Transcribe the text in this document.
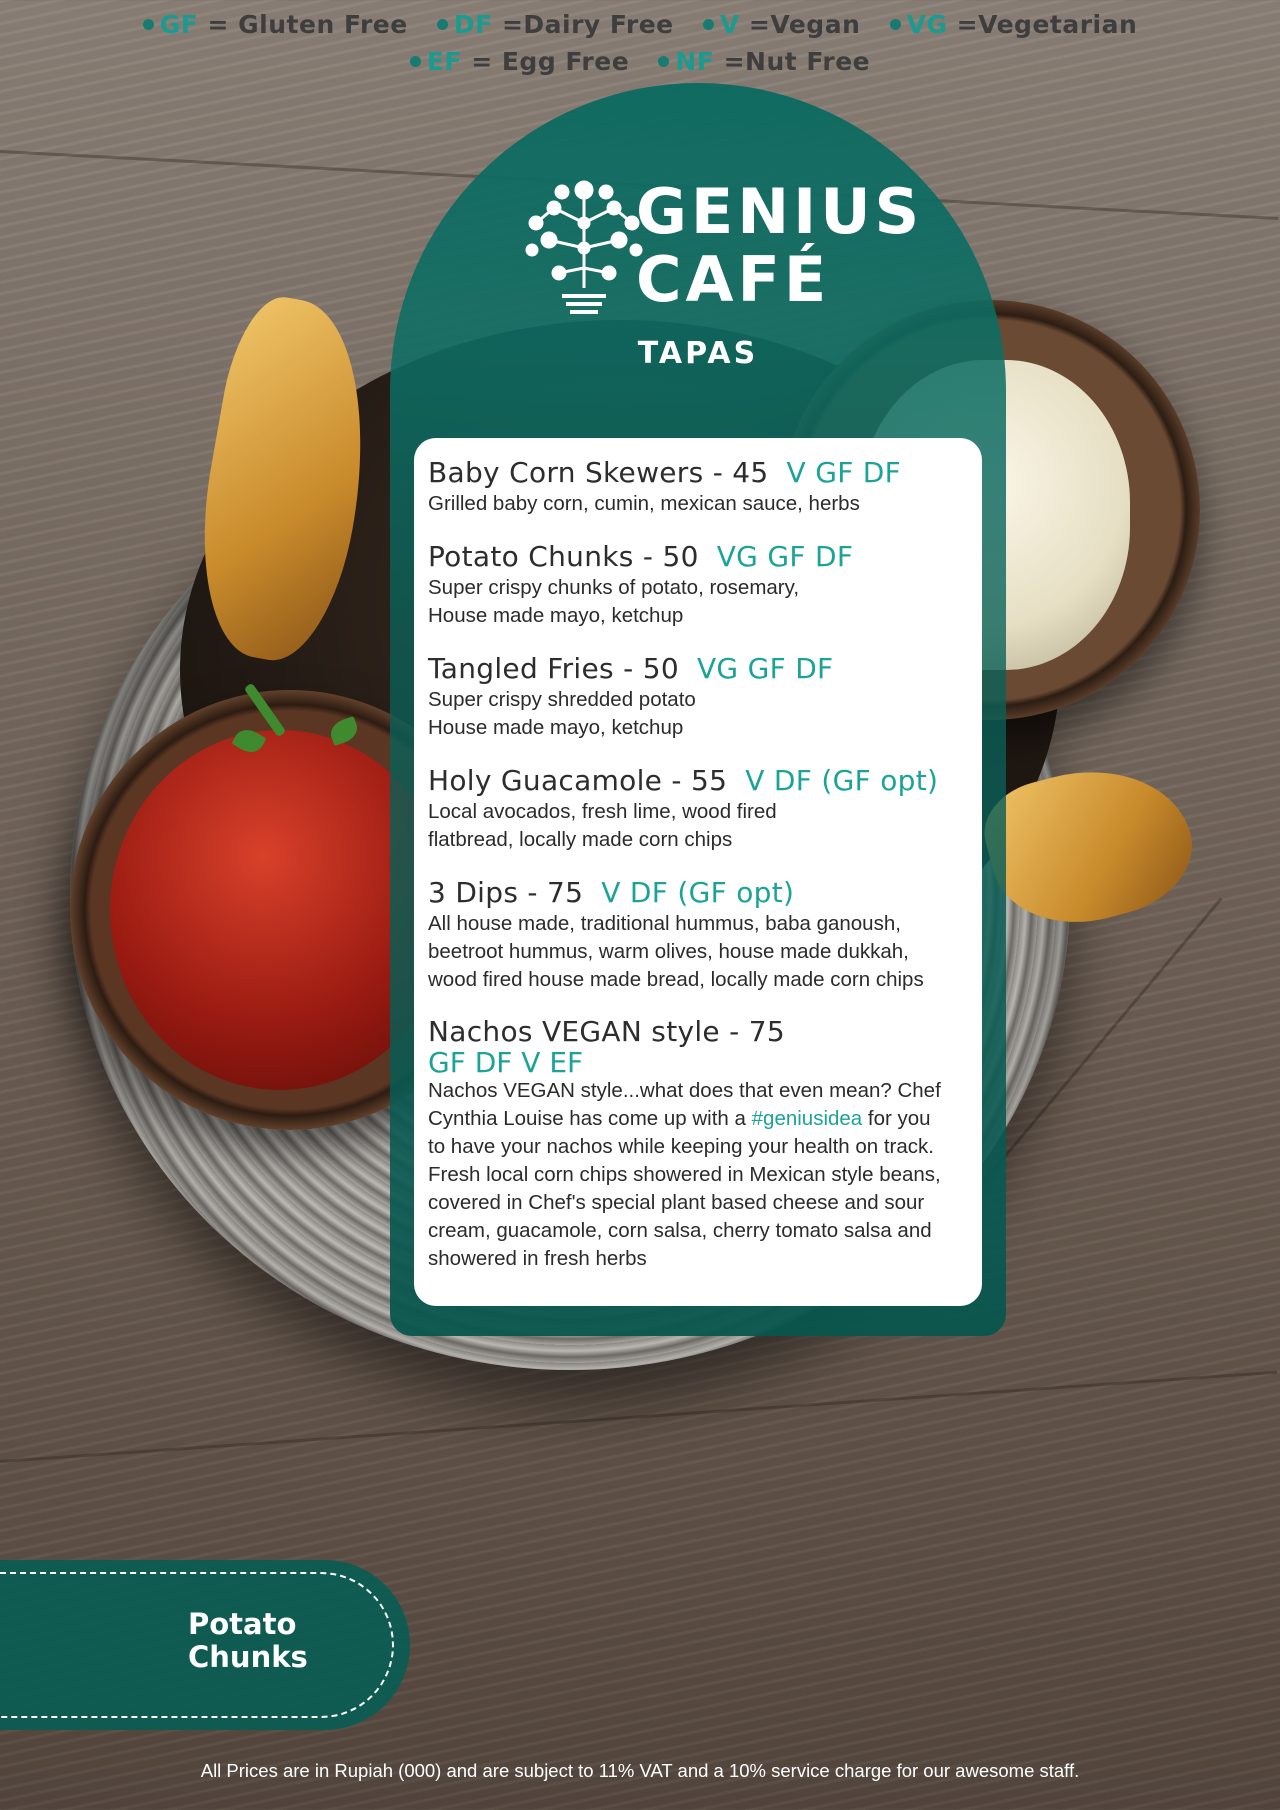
GF = Gluten Free DF =Dairy Free V =Vegan VG =Vegetarian
EF = Egg Free NF =Nut Free
GENIUS
CAFÉ
TAPAS
Baby Corn Skewers - 45 V GF DF
Grilled baby corn, cumin, mexican sauce, herbs
Potato Chunks - 50 VG GF DF
Super crispy chunks of potato, rosemary,
House made mayo, ketchup
Tangled Fries - 50 VG GF DF
Super crispy shredded potato
House made mayo, ketchup
Holy Guacamole - 55 V DF (GF opt)
Local avocados, fresh lime, wood fired
flatbread, locally made corn chips
3 Dips - 75 V DF (GF opt)
All house made, traditional hummus, baba ganoush,
beetroot hummus, warm olives, house made dukkah,
wood fired house made bread, locally made corn chips
Nachos VEGAN style - 75
GF DF V EF
Nachos VEGAN style...what does that even mean? Chef
Cynthia Louise has come up with a #geniusidea for you
to have your nachos while keeping your health on track.
Fresh local corn chips showered in Mexican style beans,
covered in Chef's special plant based cheese and sour
cream, guacamole, corn salsa, cherry tomato salsa and
showered in fresh herbs
Potato
Chunks
All Prices are in Rupiah (000) and are subject to 11% VAT and a 10% service charge for our awesome staff.
